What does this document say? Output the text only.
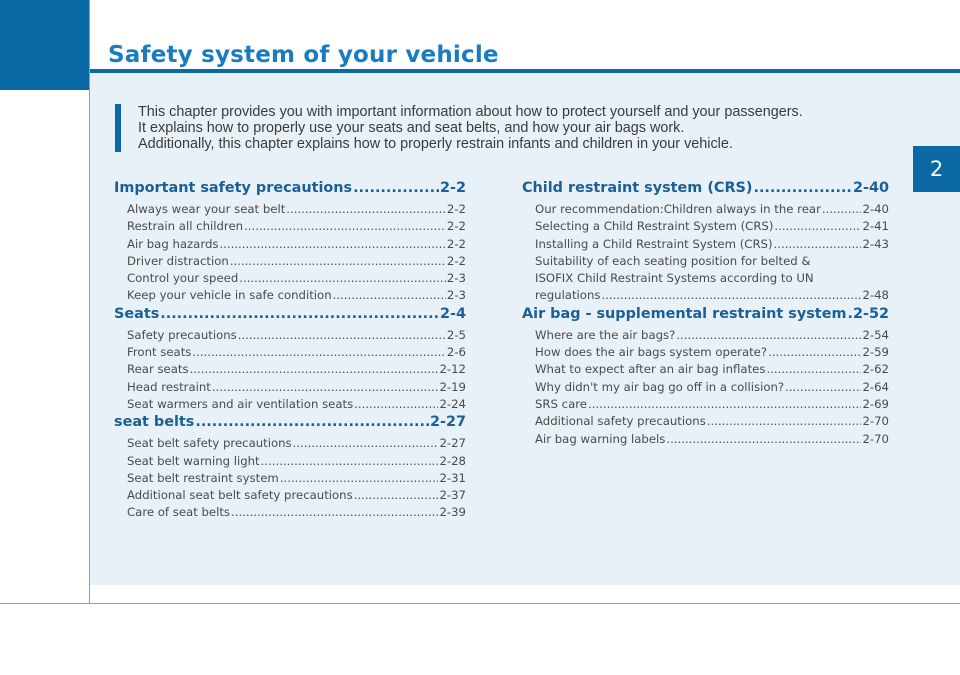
Safety system of your vehicle

This chapter provides you with important information about how to protect yourself and your passengers.

It explains how to properly use your seats and seat belts, and how your air bags work.

Additionally, this chapter explains how to properly restrain infants and children in your vehicle.

2
Important safety precautions .....	2-2
Always wear your seat belt .....	2-2
Restrain all children .....	2-2
Air bag hazards .....	2-2
Driver distraction .....	2-2
Control your speed .....	2-3
Keep your vehicle in safe condition .....	2-3
Seats .....	2-4
Safety precautions .....	2-5
Front seats .....	2-6
Rear seats .....	2-12
Head restraint .....	2-19
Seat warmers and air ventilation seats .....	2-24
seat belts .....	2-27
Seat belt safety precautions .....	2-27
Seat belt warning light .....	2-28
Seat belt restraint system .....	2-31
Additional seat belt safety precautions .....	2-37
Care of seat belts .....	2-39
Child restraint system (CRS) .....	2-40
Our recommendation:Children always in the rear .....	2-40
Selecting a Child Restraint System (CRS) .....	2-41
Installing a Child Restraint System (CRS) .....	2-43
Suitability of each seating position for belted &
ISOFIX Child Restraint Systems according to UN
regulations .....	2-48
Air bag - supplemental restraint system ..... 2-52
Where are the air bags? .....	2-54
How does the air bags system operate? .....	2-59
What to expect after an air bag inflates .....	2-62
Why didn't my air bag go off in a collision? .....	2-64
SRS care .....	2-69
Additional safety precautions .....	2-70
Air bag warning labels .....	2-70
